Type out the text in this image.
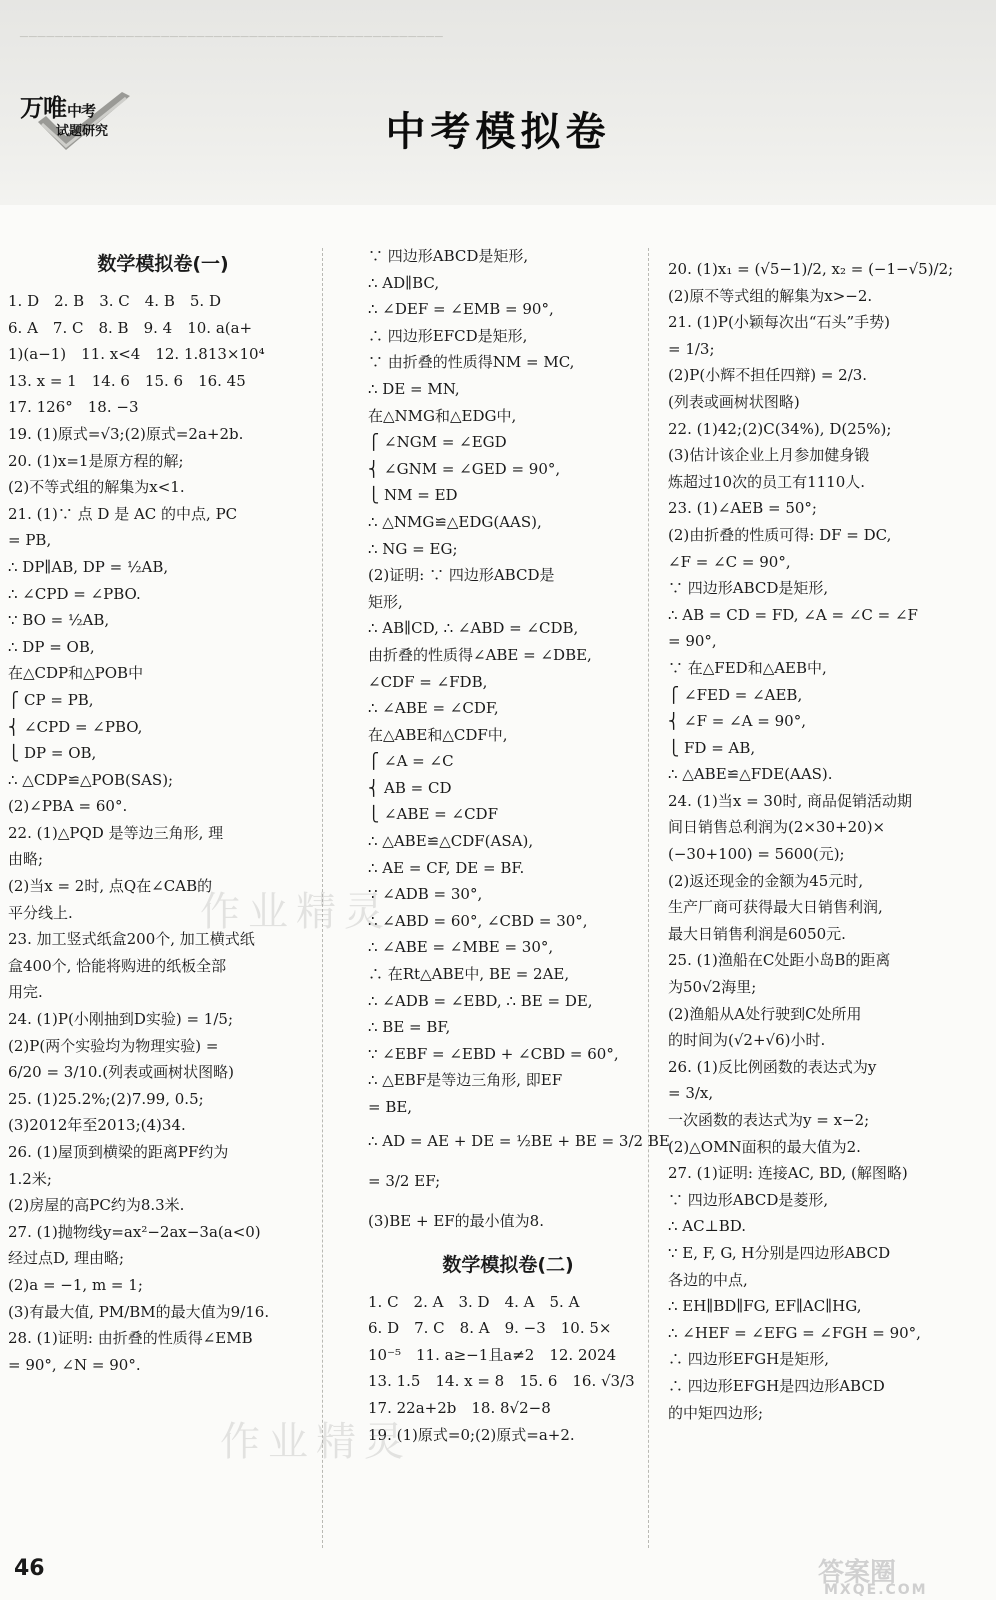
────────────────────────────────────────────────
万唯中考
试题研究	中考模拟卷
数学模拟卷(一)
1. D　2. B　3. C　4. B　5. D
6. A　7. C　8. B　9. 4　10. a(a+
1)(a−1)　11. x<4　12. 1.813×10⁴
13. x = 1　14. 6　15. 6　16. 45
17. 126°　18. −3
19. (1)原式=√3;(2)原式=2a+2b.
20. (1)x=1是原方程的解;
(2)不等式组的解集为x<1.
21. (1)∵ 点 D 是 AC 的中点, PC
= PB,
∴ DP∥AB, DP = ½AB,
∴ ∠CPD = ∠PBO.
∵ BO = ½AB,
∴ DP = OB,
在△CDP和△POB中
⎧ CP = PB,
⎨ ∠CPD = ∠PBO,
⎩ DP = OB,
∴ △CDP≌△POB(SAS);
(2)∠PBA = 60°.
22. (1)△PQD 是等边三角形, 理
由略;
(2)当x = 2时, 点Q在∠CAB的
平分线上.
23. 加工竖式纸盒200个, 加工横式纸
盒400个, 恰能将购进的纸板全部
用完.
24. (1)P(小刚抽到D实验) = 1/5;
(2)P(两个实验均为物理实验) =
6/20 = 3/10.(列表或画树状图略)
25. (1)25.2%;(2)7.99, 0.5;
(3)2012年至2013;(4)34.
26. (1)屋顶到横梁的距离PF约为
1.2米;
(2)房屋的高PC约为8.3米.
27. (1)抛物线y=ax²−2ax−3a(a<0)
经过点D, 理由略;
(2)a = −1, m = 1;
(3)有最大值, PM/BM的最大值为9/16.
28. (1)证明: 由折叠的性质得∠EMB
= 90°, ∠N = 90°.
∵ 四边形ABCD是矩形,
∴ AD∥BC,
∴ ∠DEF = ∠EMB = 90°,
∴ 四边形EFCD是矩形,
∵ 由折叠的性质得NM = MC,
∴ DE = MN,
在△NMG和△EDG中,
⎧ ∠NGM = ∠EGD
⎨ ∠GNM = ∠GED = 90°,
⎩ NM = ED
∴ △NMG≌△EDG(AAS),
∴ NG = EG;
(2)证明: ∵ 四边形ABCD是
矩形,
∴ AB∥CD, ∴ ∠ABD = ∠CDB,
由折叠的性质得∠ABE = ∠DBE,
∠CDF = ∠FDB,
∴ ∠ABE = ∠CDF,
在△ABE和△CDF中,
⎧ ∠A = ∠C
⎨ AB = CD
⎩ ∠ABE = ∠CDF
∴ △ABE≌△CDF(ASA),
∴ AE = CF, DE = BF.
∵ ∠ADB = 30°,
∴ ∠ABD = 60°, ∠CBD = 30°,
∴ ∠ABE = ∠MBE = 30°,
∴ 在Rt△ABE中, BE = 2AE,
∴ ∠ADB = ∠EBD, ∴ BE = DE,
∴ BE = BF,
∵ ∠EBF = ∠EBD + ∠CBD = 60°,
∴ △EBF是等边三角形, 即EF
= BE,
∴ AD = AE + DE = ½BE + BE = 3/2 BE
= 3/2 EF;
(3)BE + EF的最小值为8.
数学模拟卷(二)
1. C　2. A　3. D　4. A　5. A
6. D　7. C　8. A　9. −3　10. 5×
10⁻⁵　11. a≥−1且a≠2　12. 2024
13. 1.5　14. x = 8　15. 6　16. √3/3
17. 22a+2b　18. 8√2−8
19. (1)原式=0;(2)原式=a+2.
20. (1)x₁ = (√5−1)/2, x₂ = (−1−√5)/2;
(2)原不等式组的解集为x>−2.
21. (1)P(小颖每次出“石头”手势)
= 1/3;
(2)P(小辉不担任四辩) = 2/3.
(列表或画树状图略)
22. (1)42;(2)C(34%), D(25%);
(3)估计该企业上月参加健身锻
炼超过10次的员工有1110人.
23. (1)∠AEB = 50°;
(2)由折叠的性质可得: DF = DC,
∠F = ∠C = 90°,
∵ 四边形ABCD是矩形,
∴ AB = CD = FD, ∠A = ∠C = ∠F
= 90°,
∵ 在△FED和△AEB中,
⎧ ∠FED = ∠AEB,
⎨ ∠F = ∠A = 90°,
⎩ FD = AB,
∴ △ABE≌△FDE(AAS).
24. (1)当x = 30时, 商品促销活动期
间日销售总利润为(2×30+20)×
(−30+100) = 5600(元);
(2)返还现金的金额为45元时,
生产厂商可获得最大日销售利润,
最大日销售利润是6050元.
25. (1)渔船在C处距小岛B的距离
为50√2海里;
(2)渔船从A处行驶到C处所用
的时间为(√2+√6)小时.
26. (1)反比例函数的表达式为y
= 3/x,
一次函数的表达式为y = x−2;
(2)△OMN面积的最大值为2.
27. (1)证明: 连接AC, BD, (解图略)
∵ 四边形ABCD是菱形,
∴ AC⊥BD.
∵ E, F, G, H分别是四边形ABCD
各边的中点,
∴ EH∥BD∥FG, EF∥AC∥HG,
∴ ∠HEF = ∠EFG = ∠FGH = 90°,
∴ 四边形EFGH是矩形,
∴ 四边形EFGH是四边形ABCD
的中矩四边形;
作业精灵
作业精灵
46	答案圈
MXQE.COM
